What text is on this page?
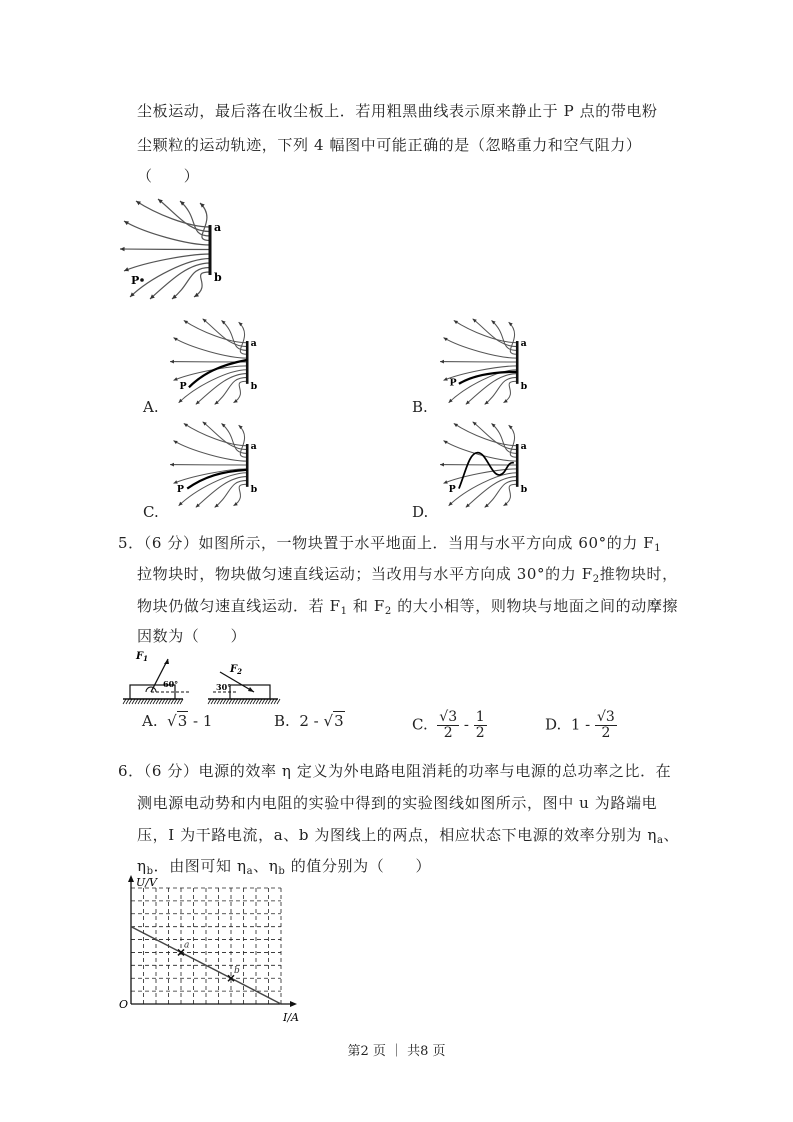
尘板运动，最后落在收尘板上．若用粗黑曲线表示原来静止于 P 点的带电粉
尘颗粒的运动轨迹，下列 4 幅图中可能正确的是（忽略重力和空气阻力）
（　　）
a
b
P
a
b
P
A.
a
b
P
B.
a
b
P
C.
a
b
P
D.
5．（6 分）如图所示，一物块置于水平地面上．当用与水平方向成 60°的力 $F_1$
拉物块时，物块做匀速直线运动；当改用与水平方向成 30°的力 $F_2$推物块时，
物块仍做匀速直线运动．若 $F_1$ 和 $F_2$ 的大小相等，则物块与地面之间的动摩擦
因数为（　　）
$F_1$
60°
$F_2$
30°
A. √3 - 1	B. 2 - √3	C. $\frac{√3}{2} - \frac{1}{2}$	D. $1 - \frac{√3}{2}$
6．（6 分）电源的效率 η 定义为外电路电阻消耗的功率与电源的总功率之比．在
测电源电动势和内电阻的实验中得到的实验图线如图所示，图中 u 为路端电
压，I 为干路电流，a、b 为图线上的两点，相应状态下电源的效率分别为 $\eta_a$、
$\eta_b$．由图可知 $\eta_a$、$\eta_b$ 的值分别为（　　）
a
b
U/V
I/A
O
第2 页 ｜ 共8 页
